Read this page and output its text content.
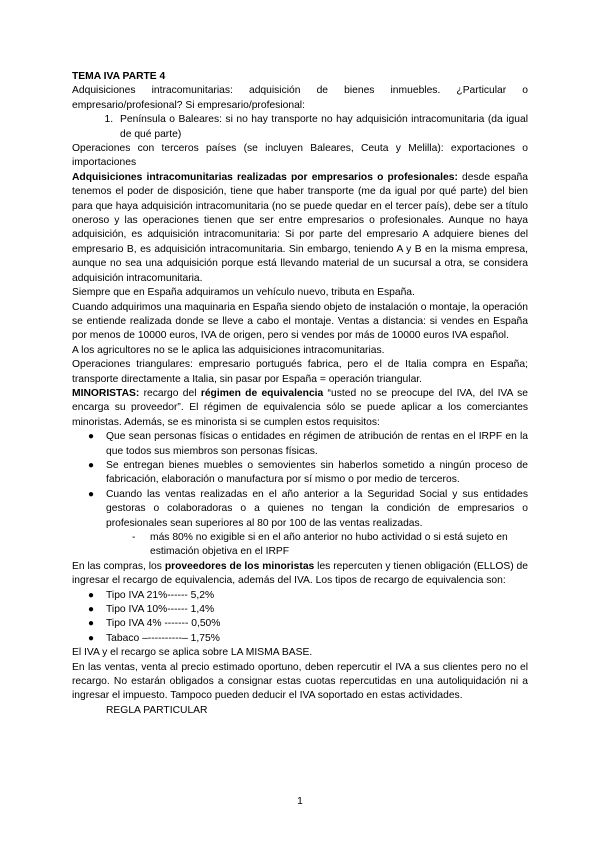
TEMA IVA PARTE 4

Adquisiciones intracomunitarias: adquisición de bienes inmuebles. ¿Particular o empresario/profesional? Si empresario/profesional:

1. Península o Baleares: si no hay transporte no hay adquisición intracomunitaria (da igual de qué parte)

Operaciones con terceros países (se incluyen Baleares, Ceuta y Melilla): exportaciones o importaciones

Adquisiciones intracomunitarias realizadas por empresarios o profesionales: desde españa tenemos el poder de disposición, tiene que haber transporte (me da igual por qué parte) del bien para que haya adquisición intracomunitaria (no se puede quedar en el tercer país), debe ser a título oneroso y las operaciones tienen que ser entre empresarios o profesionales. Aunque no haya adquisición, es adquisición intracomunitaria: Si por parte del empresario A adquiere bienes del empresario B, es adquisición intracomunitaria. Sin embargo, teniendo A y B en la misma empresa, aunque no sea una adquisición porque está llevando material de un sucursal a otra, se considera adquisición intracomunitaria.

Siempre que en España adquiramos un vehículo nuevo, tributa en España.

Cuando adquirimos una maquinaria en España siendo objeto de instalación o montaje, la operación se entiende realizada donde se lleve a cabo el montaje. Ventas a distancia: si vendes en España por menos de 10000 euros, IVA de origen, pero si vendes por más de 10000 euros IVA español.

A los agricultores no se le aplica las adquisiciones intracomunitarias.

Operaciones triangulares: empresario portugués fabrica, pero el de Italia compra en España; transporte directamente a Italia, sin pasar por España = operación triangular.

MINORISTAS: recargo del régimen de equivalencia “usted no se preocupe del IVA, del IVA se encarga su proveedor”. El régimen de equivalencia sólo se puede aplicar a los comerciantes minoristas. Además, se es minorista si se cumplen estos requisitos:

● Que sean personas físicas o entidades en régimen de atribución de rentas en el IRPF en la que todos sus miembros son personas físicas.
● Se entregan bienes muebles o semovientes sin haberlos sometido a ningún proceso de fabricación, elaboración o manufactura por sí mismo o por medio de terceros.
● Cuando las ventas realizadas en el año anterior a la Seguridad Social y sus entidades gestoras o colaboradoras o a quienes no tengan la condición de empresarios o profesionales sean superiores al 80 por 100 de las ventas realizadas.

- más 80% no exigible si en el año anterior no hubo actividad o si está sujeto en estimación objetiva en el IRPF

En las compras, los proveedores de los minoristas les repercuten y tienen obligación (ELLOS) de ingresar el recargo de equivalencia, además del IVA. Los tipos de recargo de equivalencia son:

● Tipo IVA 21%------ 5,2%
● Tipo IVA 10%------ 1,4%
● Tipo IVA 4% ------- 0,50%
● Tabaco –----------– 1,75%

El IVA y el recargo se aplica sobre LA MISMA BASE.

En las ventas, venta al precio estimado oportuno, deben repercutir el IVA a sus clientes pero no el recargo. No estarán obligados a consignar estas cuotas repercutidas en una autoliquidación ni a ingresar el impuesto. Tampoco pueden deducir el IVA soportado en estas actividades.

REGLA PARTICULAR

1
